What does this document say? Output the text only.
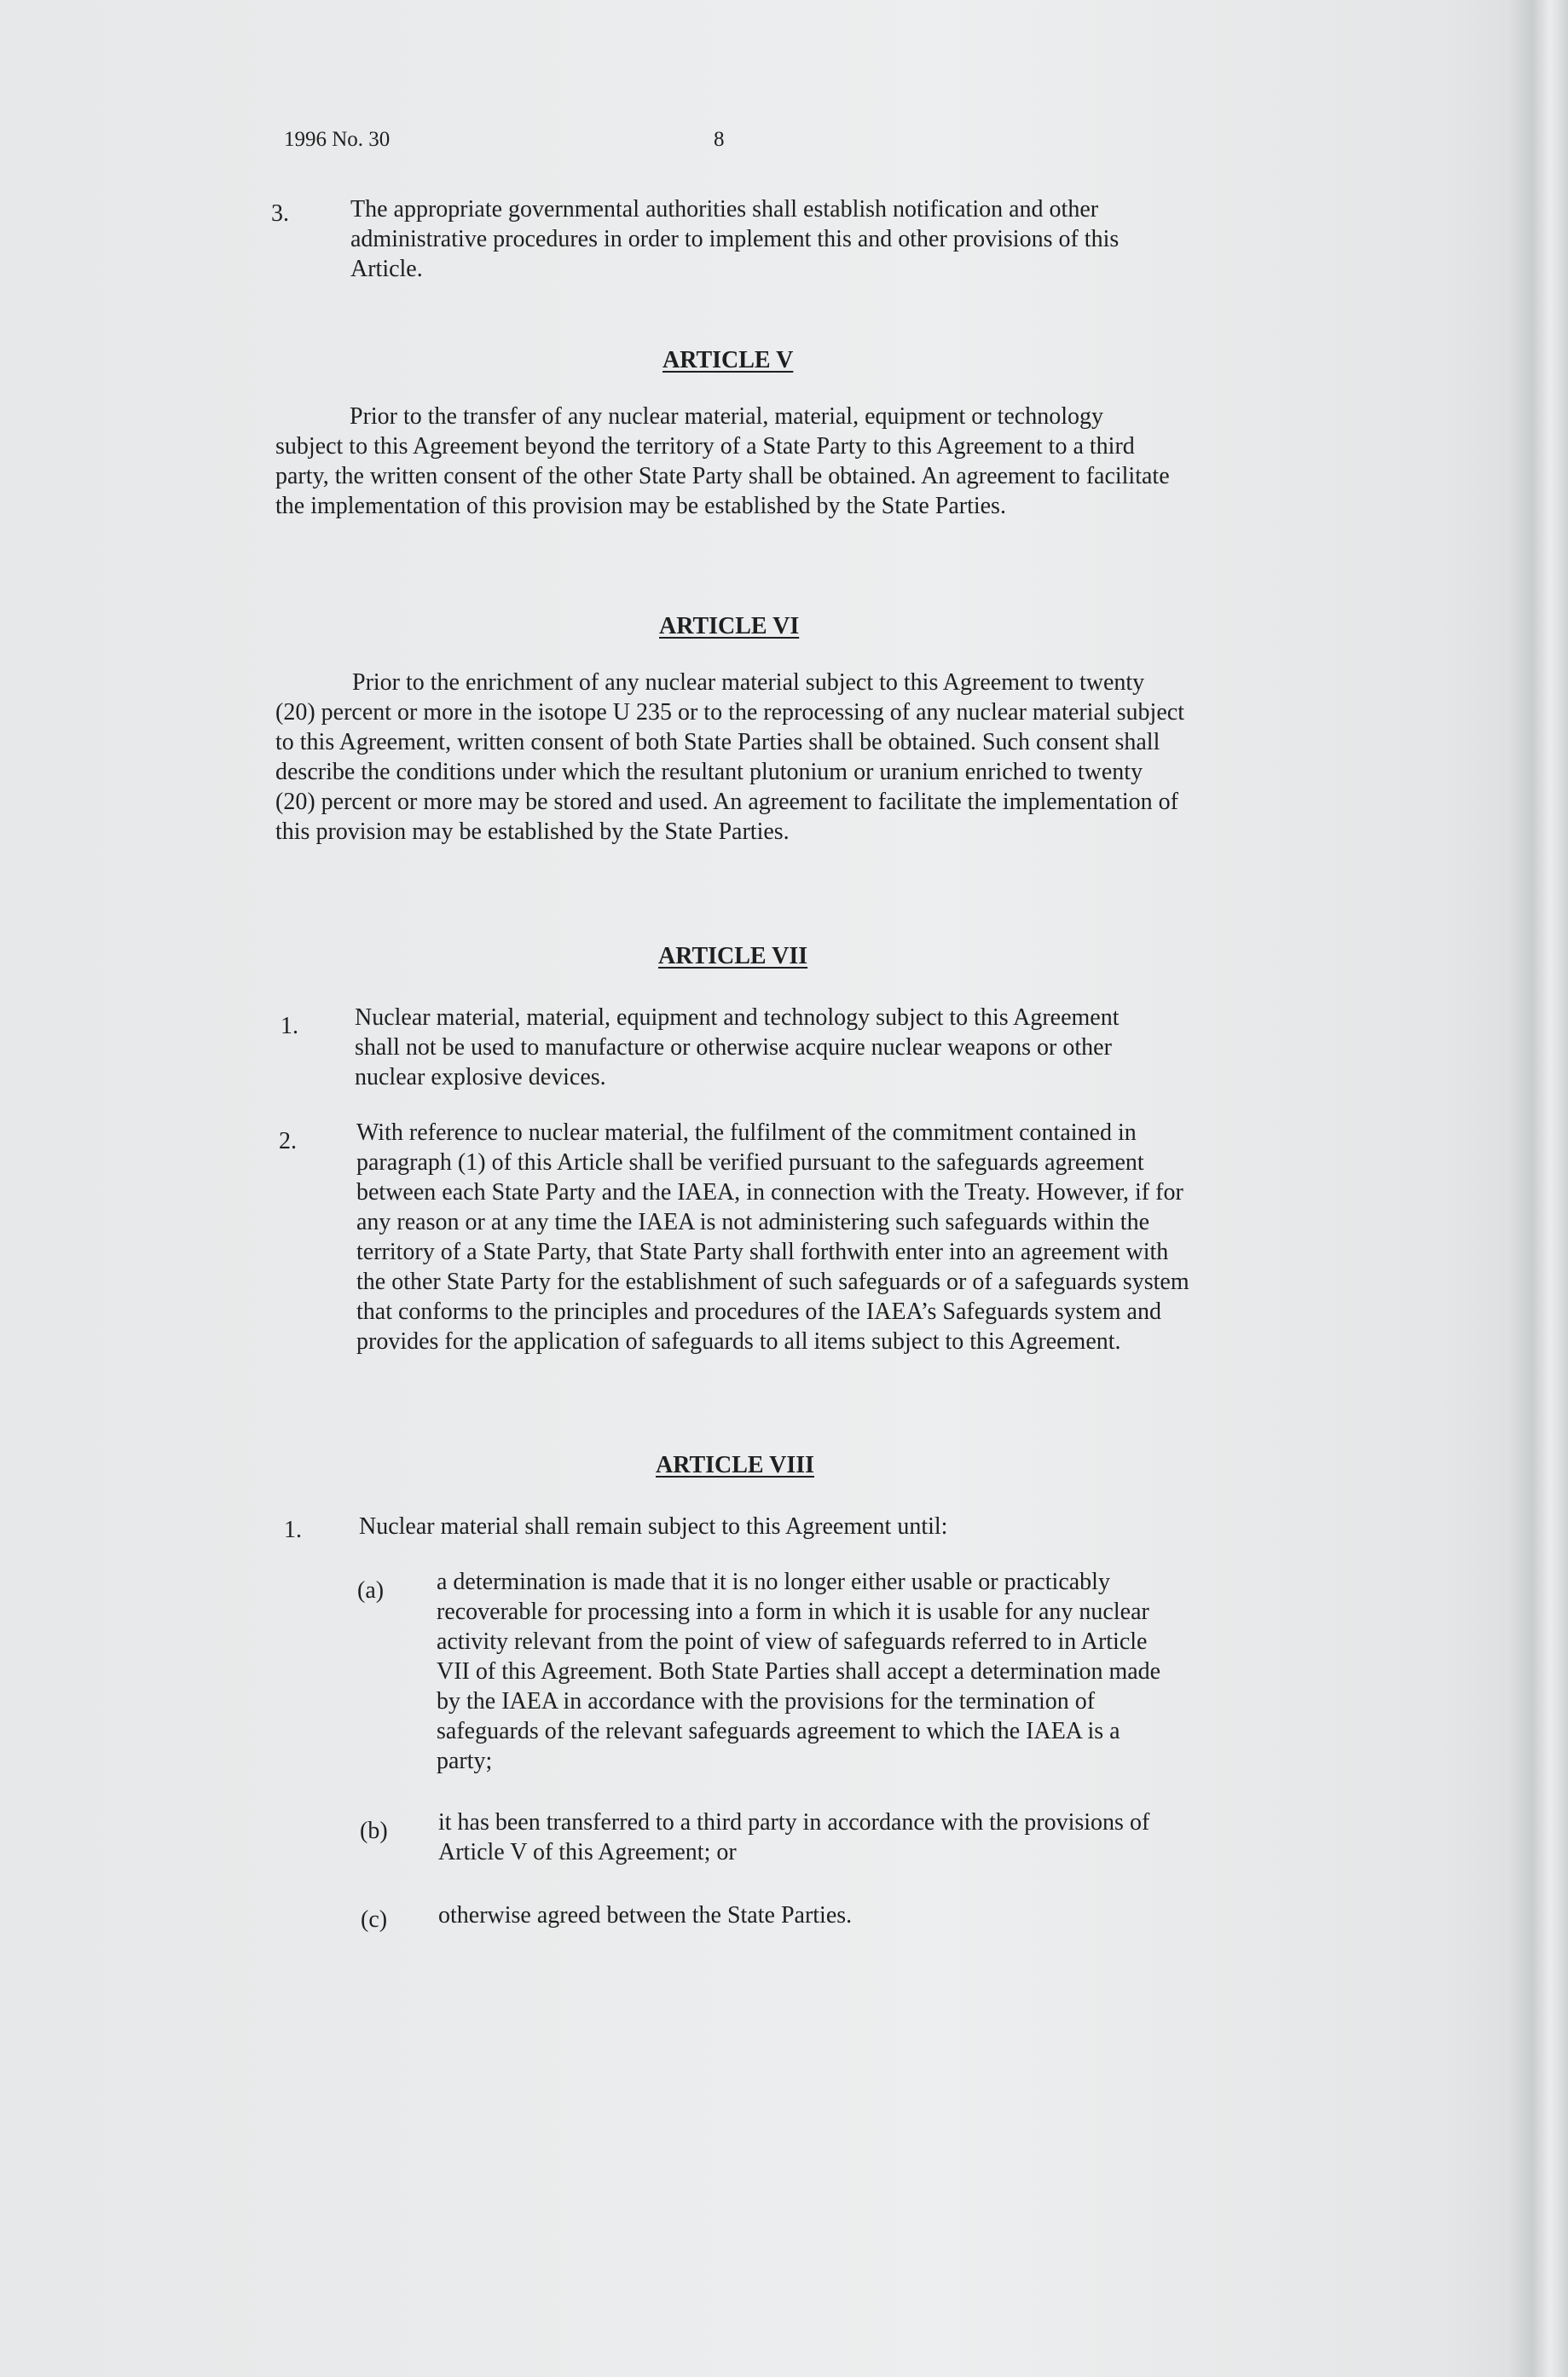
1996 No. 30	8
3.	The appropriate governmental authorities shall establish notification and other administrative procedures in order to implement this and other provisions of this Article.
ARTICLE V
Prior to the transfer of any nuclear material, material, equipment or technology subject to this Agreement beyond the territory of a State Party to this Agreement to a third party, the written consent of the other State Party shall be obtained. An agreement to facilitate the implementation of this provision may be established by the State Parties.
ARTICLE VI
Prior to the enrichment of any nuclear material subject to this Agreement to twenty (20) percent or more in the isotope U 235 or to the reprocessing of any nuclear material subject to this Agreement, written consent of both State Parties shall be obtained. Such consent shall describe the conditions under which the resultant plutonium or uranium enriched to twenty (20) percent or more may be stored and used. An agreement to facilitate the implementation of this provision may be established by the State Parties.
ARTICLE VII
1. Nuclear material, material, equipment and technology subject to this Agreement shall not be used to manufacture or otherwise acquire nuclear weapons or other nuclear explosive devices.
2.	With reference to nuclear material, the fulfilment of the commitment contained in paragraph (1) of this Article shall be verified pursuant to the safeguards agreement between each State Party and the IAEA, in connection with the Treaty. However, if for any reason or at any time the IAEA is not administering such safeguards within the territory of a State Party, that State Party shall forthwith enter into an agreement with the other State Party for the establishment of such safeguards or of a safeguards system that conforms to the principles and procedures of the IAEA’s Safeguards system and provides for the application of safeguards to all items subject to this Agreement.
ARTICLE VIII
1. Nuclear material shall remain subject to this Agreement until:
(a) a determination is made that it is no longer either usable or practicably recoverable for processing into a form in which it is usable for any nuclear activity relevant from the point of view of safeguards referred to in Article VII of this Agreement. Both State Parties shall accept a determination made by the IAEA in accordance with the provisions for the termination of safeguards of the relevant safeguards agreement to which the IAEA is a party;
(b) it has been transferred to a third party in accordance with the provisions of Article V of this Agreement; or
(c) otherwise agreed between the State Parties.
